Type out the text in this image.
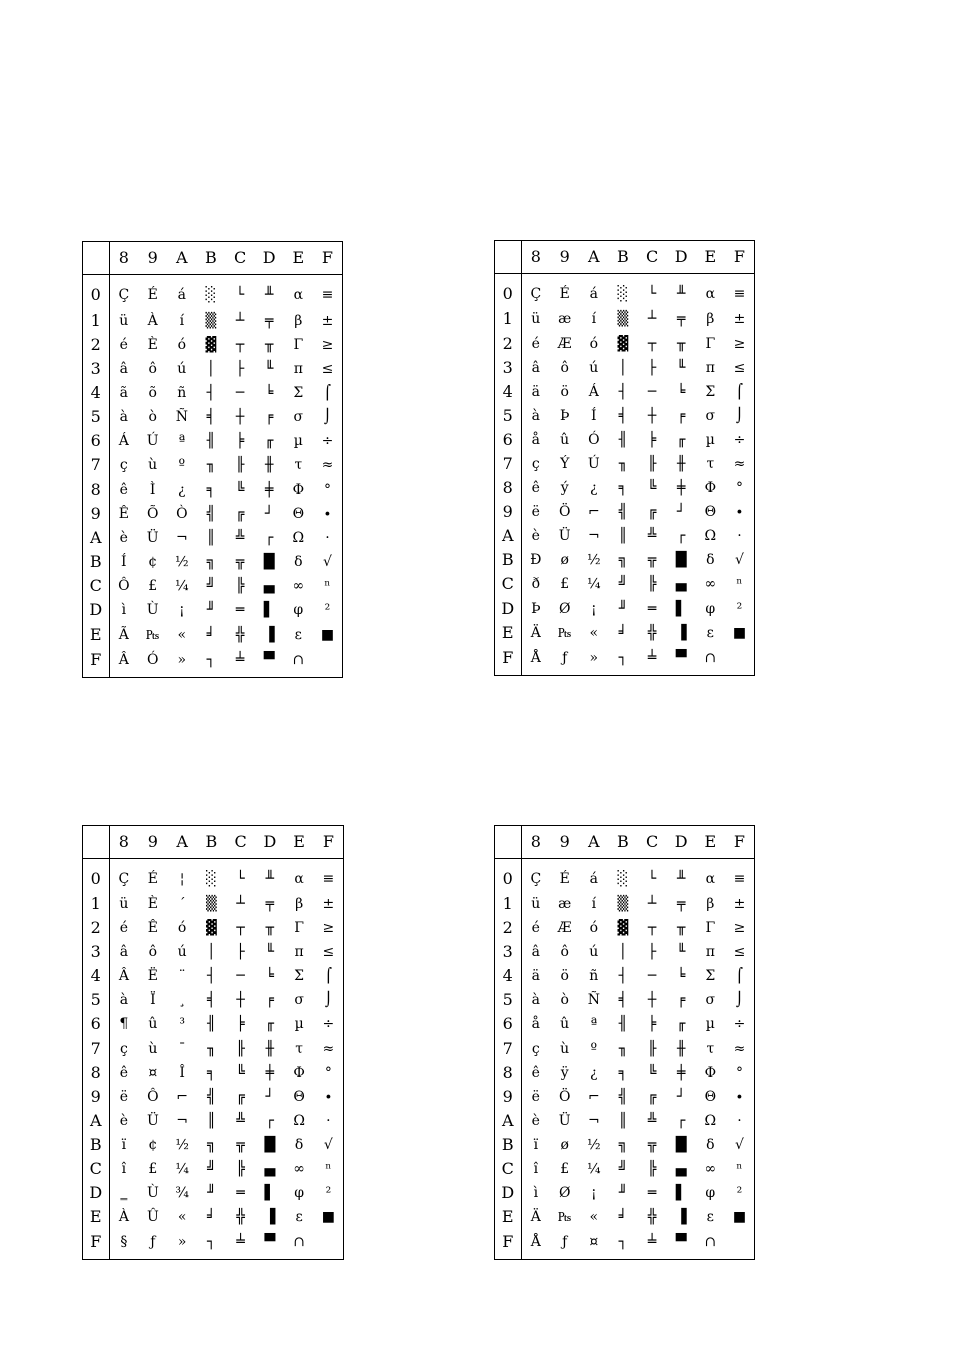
	8	9	A	B	C	D	E	F
0	Ç	É	á	░	└	╨	α	≡
1	ü	À	í	▒	┴	╤	β	±
2	é	È	ó	▓	┬	╥	Γ	≥
3	â	ô	ú	│	├	╙	π	≤
4	ã	õ	ñ	┤	─	╘	Σ	⌠
5	à	ò	Ñ	╡	┼	╒	σ	⌡
6	Á	Ú	ª	╢	╞	╓	µ	÷
7	ç	ù	º	╖	╟	╫	τ	≈
8	ê	Ì	¿	╕	╚	╪	Φ	°
9	Ê	Õ	Ò	╣	╔	┘	Θ	∙
A	è	Ü	¬	║	╩	┌	Ω	·
B	Í	¢	½	╗	╦	█	δ	√
C	Ô	£	¼	╝	╠	▄	∞	ⁿ
D	ì	Ù	¡	╜	═	▌	φ	²
E	Ã	₧	«	╛	╬	▐	ε	■
F	Â	Ó	»	┐	╧	▀	∩	
	8	9	A	B	C	D	E	F
0	Ç	É	á	░	└	╨	α	≡
1	ü	æ	í	▒	┴	╤	β	±
2	é	Æ	ó	▓	┬	╥	Γ	≥
3	â	ô	ú	│	├	╙	π	≤
4	ä	ö	Á	┤	─	╘	Σ	⌠
5	à	Þ	Í	╡	┼	╒	σ	⌡
6	å	û	Ó	╢	╞	╓	µ	÷
7	ç	Ý	Ú	╖	╟	╫	τ	≈
8	ê	ý	¿	╕	╚	╪	Φ	°
9	ë	Ö	⌐	╣	╔	┘	Θ	∙
A	è	Ü	¬	║	╩	┌	Ω	·
B	Ð	ø	½	╗	╦	█	δ	√
C	ð	£	¼	╝	╠	▄	∞	ⁿ
D	Þ	Ø	¡	╜	═	▌	φ	²
E	Ä	₧	«	╛	╬	▐	ε	■
F	Å	ƒ	»	┐	╧	▀	∩	
	8	9	A	B	C	D	E	F
0	Ç	É	¦	░	└	╨	α	≡
1	ü	È	´	▒	┴	╤	β	±
2	é	Ê	ó	▓	┬	╥	Γ	≥
3	â	ô	ú	│	├	╙	π	≤
4	Â	Ë	¨	┤	─	╘	Σ	⌠
5	à	Ï	¸	╡	┼	╒	σ	⌡
6	¶	û	³	╢	╞	╓	µ	÷
7	ç	ù	¯	╖	╟	╫	τ	≈
8	ê	¤	Î	╕	╚	╪	Φ	°
9	ë	Ô	⌐	╣	╔	┘	Θ	∙
A	è	Ü	¬	║	╩	┌	Ω	·
B	ï	¢	½	╗	╦	█	δ	√
C	î	£	¼	╝	╠	▄	∞	ⁿ
D	‗	Ù	¾	╜	═	▌	φ	²
E	À	Û	«	╛	╬	▐	ε	■
F	§	ƒ	»	┐	╧	▀	∩	
	8	9	A	B	C	D	E	F
0	Ç	É	á	░	└	╨	α	≡
1	ü	æ	í	▒	┴	╤	β	±
2	é	Æ	ó	▓	┬	╥	Γ	≥
3	â	ô	ú	│	├	╙	π	≤
4	ä	ö	ñ	┤	─	╘	Σ	⌠
5	à	ò	Ñ	╡	┼	╒	σ	⌡
6	å	û	ª	╢	╞	╓	µ	÷
7	ç	ù	º	╖	╟	╫	τ	≈
8	ê	ÿ	¿	╕	╚	╪	Φ	°
9	ë	Ö	⌐	╣	╔	┘	Θ	∙
A	è	Ü	¬	║	╩	┌	Ω	·
B	ï	ø	½	╗	╦	█	δ	√
C	î	£	¼	╝	╠	▄	∞	ⁿ
D	ì	Ø	¡	╜	═	▌	φ	²
E	Ä	₧	«	╛	╬	▐	ε	■
F	Å	ƒ	¤	┐	╧	▀	∩	
